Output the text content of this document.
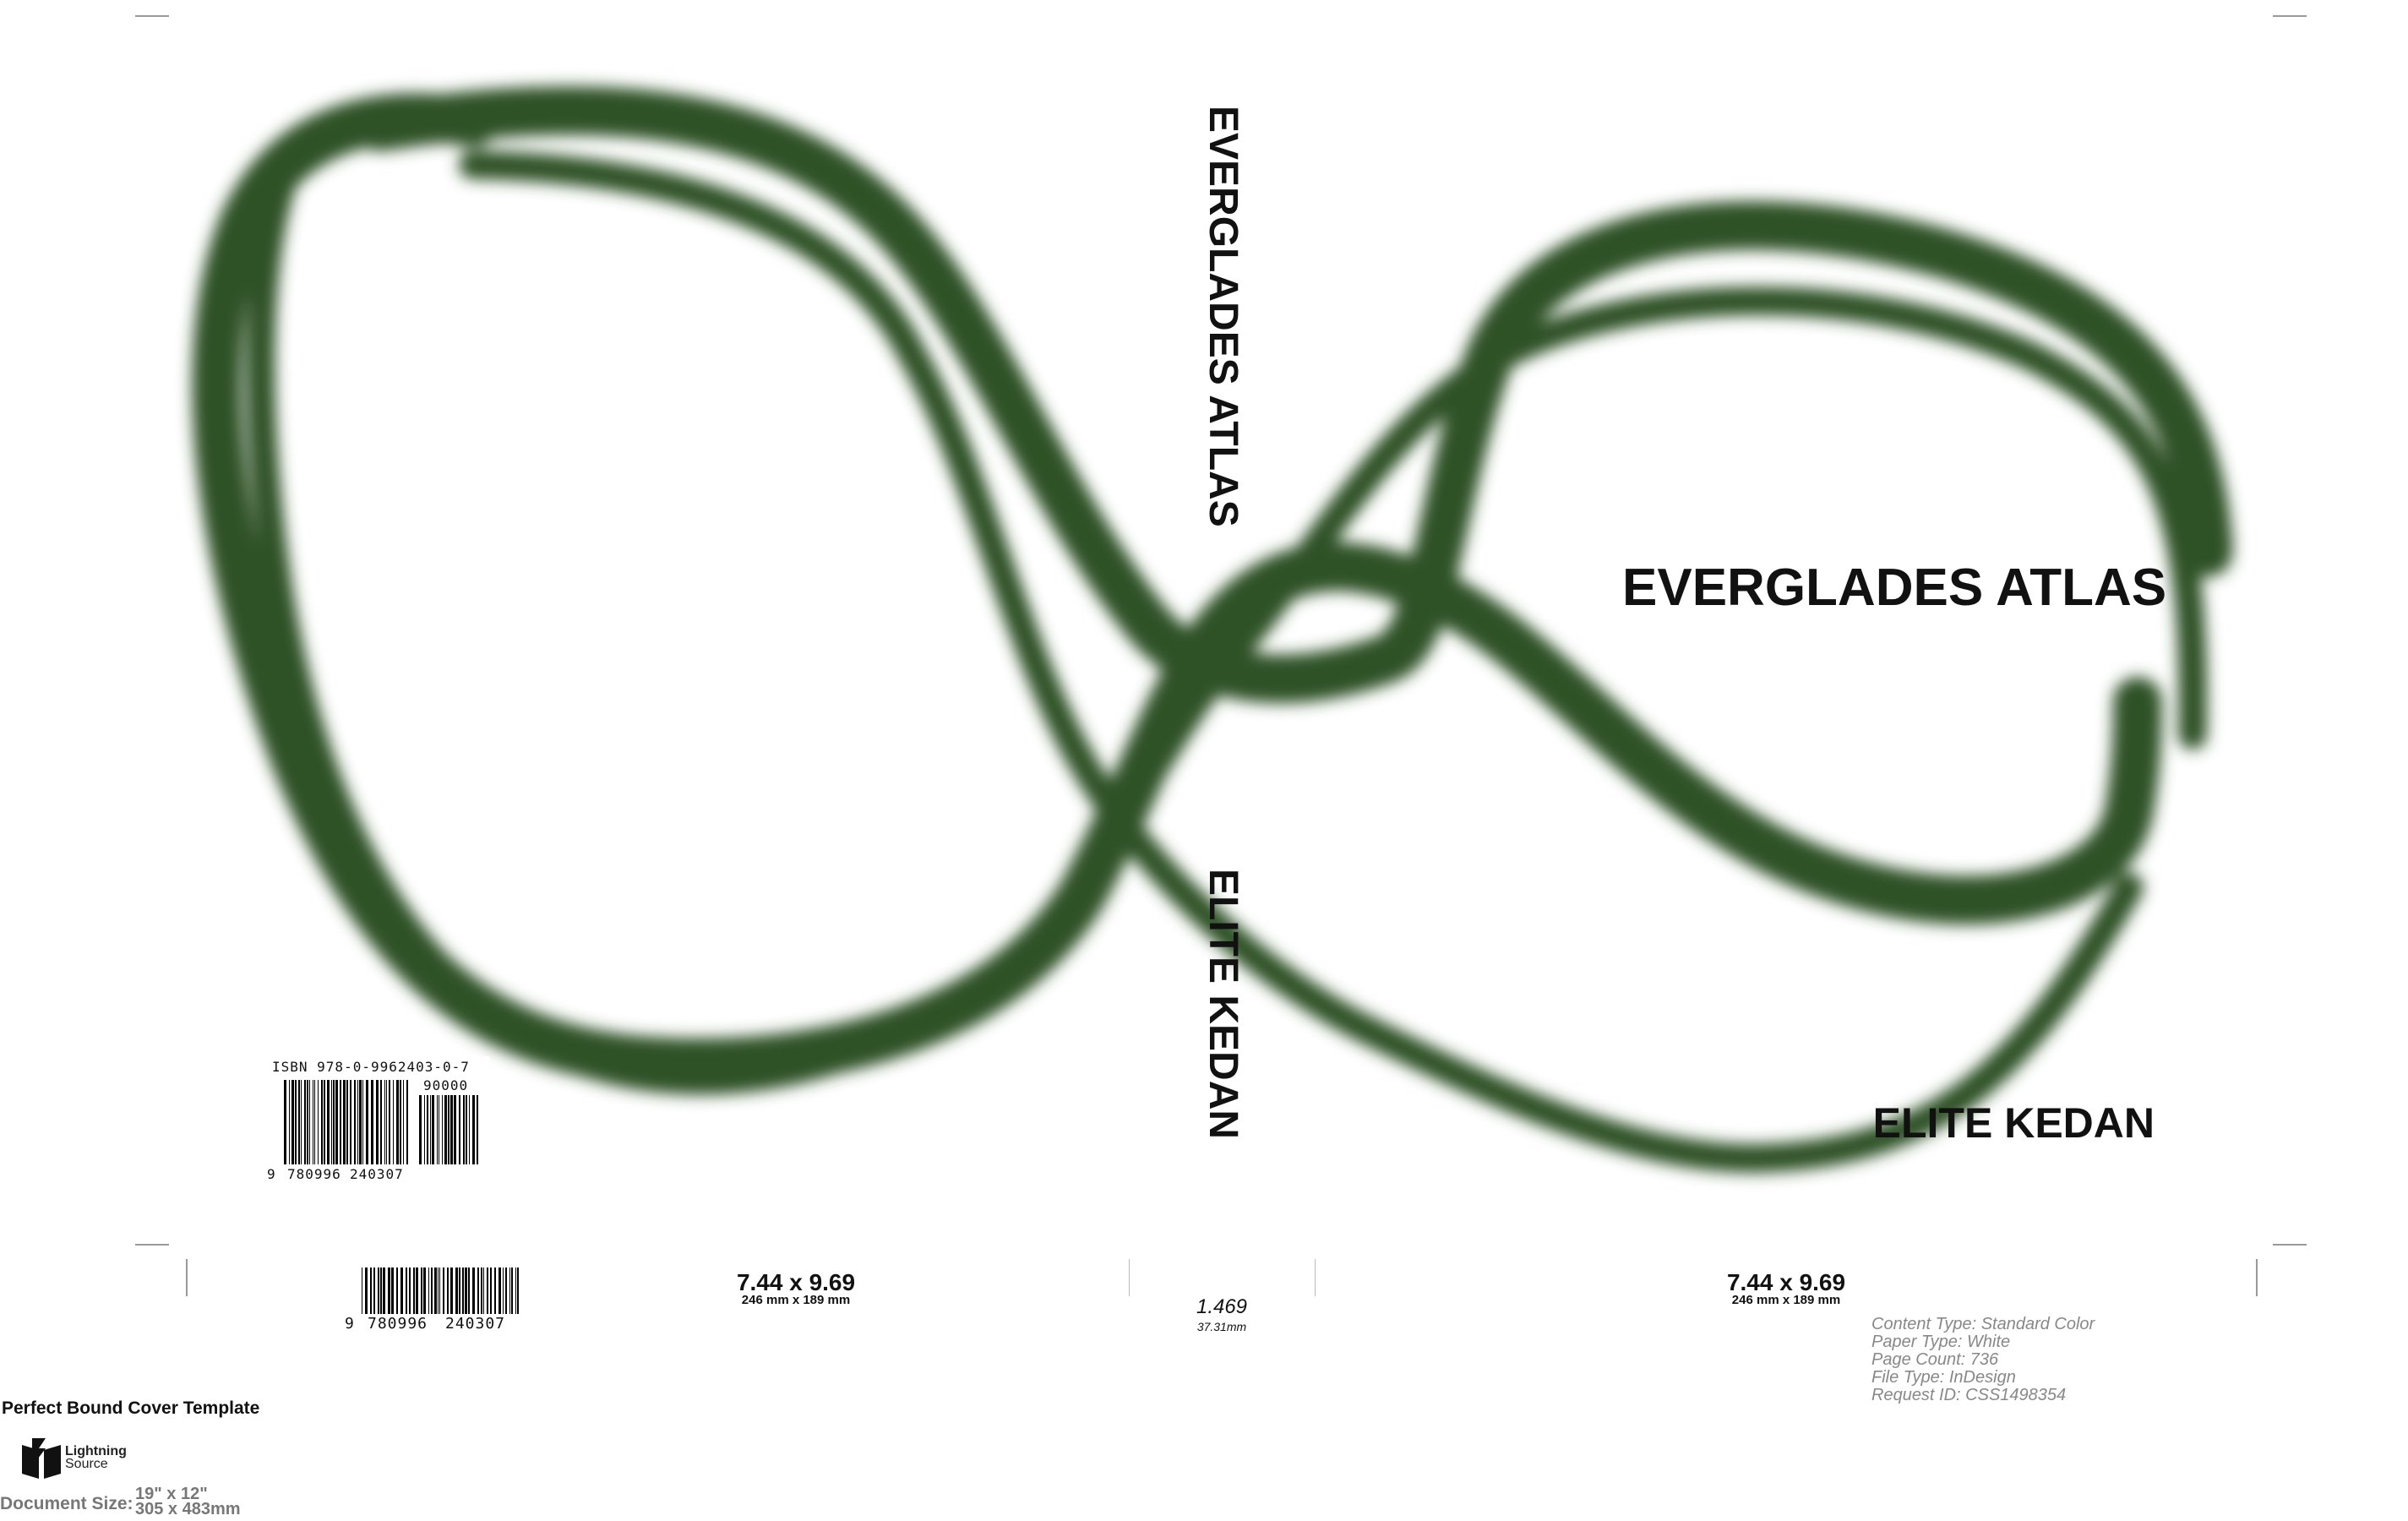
EVERGLADES ATLAS
ELITE KEDAN
EVERGLADES ATLAS
ELITE KEDAN
ISBN 978-0-9962403-0-7
90000
9 780996 240307
9 780996 240307
7.44 x 9.69
246 mm x 189 mm
7.44 x 9.69
246 mm x 189 mm
1.469
37.31mm	Content Type: Standard Color
Paper Type: White
Page Count: 736
File Type: InDesign
Request ID: CSS1498354
Perfect Bound Cover Template
Lightning
Source
Document Size: 19" x 12"
305 x 483mm
